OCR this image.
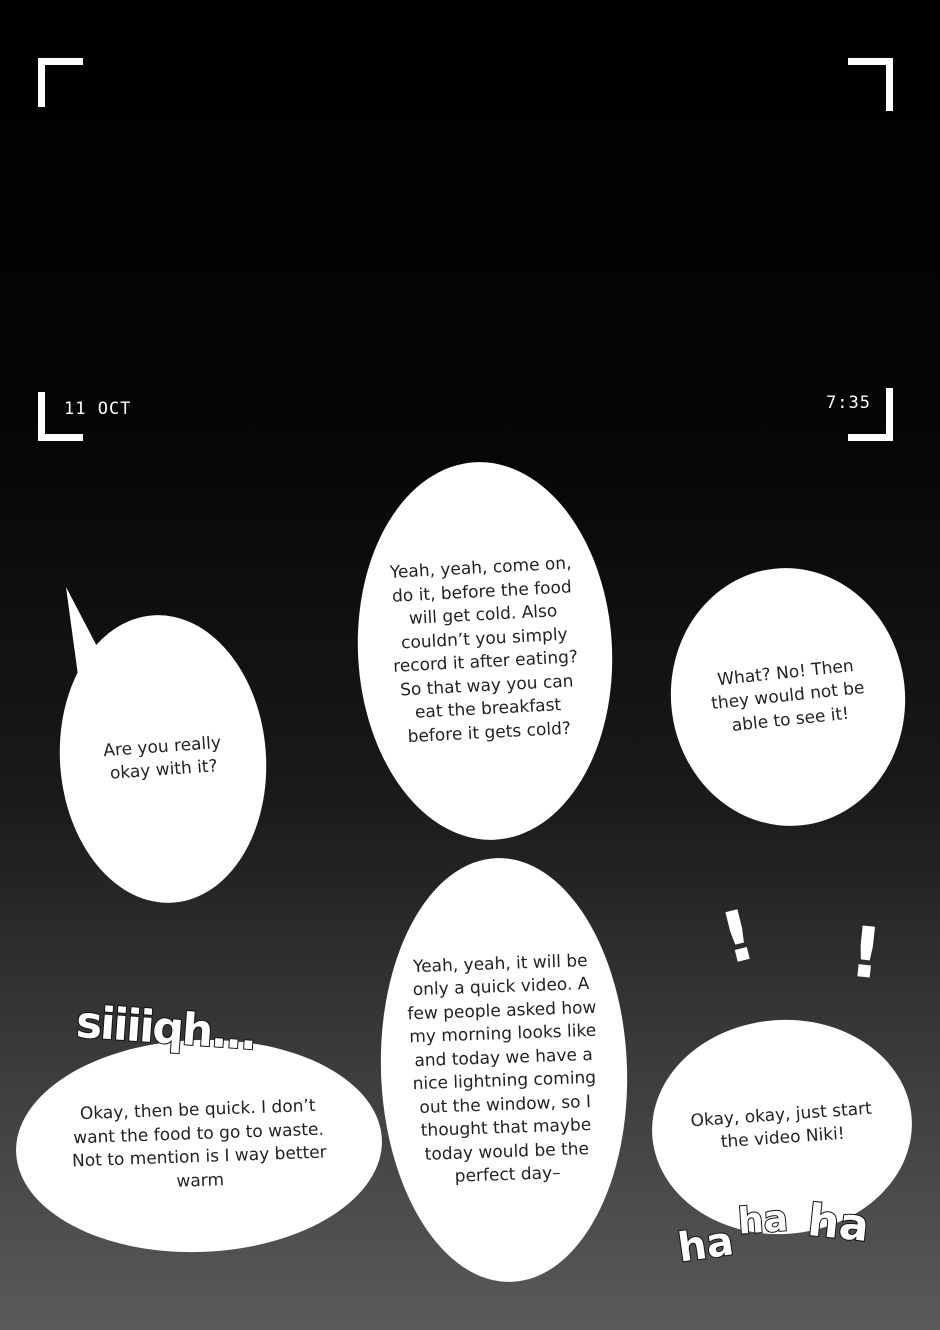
11 OCT	7:35
Are you really
okay with it?
Yeah, yeah, come on,
do it, before the food
will get cold. Also
couldn’t you simply
record it after eating?
So that way you can
eat the breakfast
before it gets cold?
What? No! Then
they would not be
able to see it!
Okay, then be quick. I don’t
want the food to go to waste.
Not to mention is I way better
warm
Yeah, yeah, it will be
only a quick video. A
few people asked how
my morning looks like
and today we have a
nice lightning coming
out the window, so I
thought that maybe
today would be the
perfect day–
Okay, okay, just start
the video Niki!
siiiiqh...
ha ha ha
! !
